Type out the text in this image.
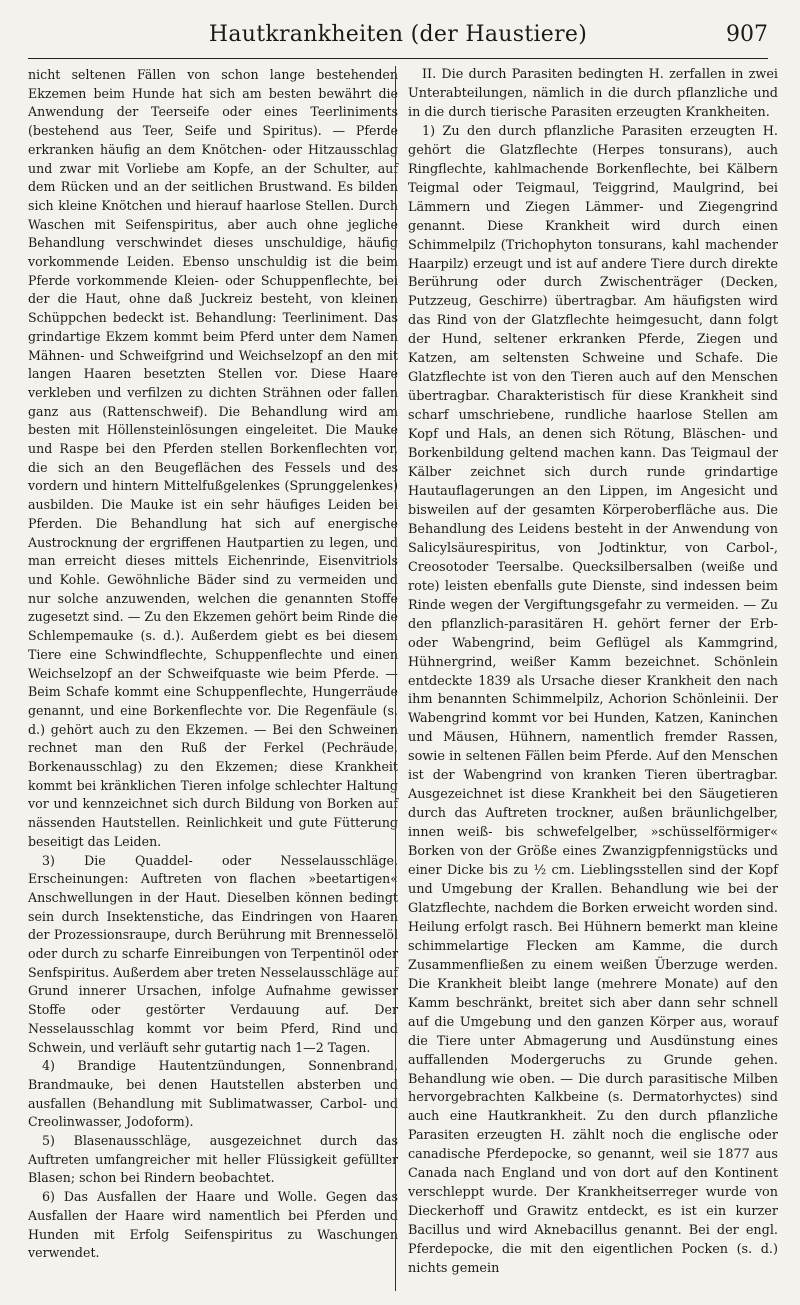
Hautkrankheiten (der Haustiere)	907

nicht seltenen Fällen von schon lange bestehenden Ekzemen beim Hunde hat sich am besten bewährt die Anwendung der Teerseife oder eines Teerliniments (bestehend aus Teer, Seife und Spiritus). — Pferde erkranken häufig an dem Knötchen- oder Hitzausschlag und zwar mit Vorliebe am Kopfe, an der Schulter, auf dem Rücken und an der seitlichen Brustwand. Es bilden sich kleine Knötchen und hierauf haarlose Stellen. Durch Waschen mit Seifenspiritus, aber auch ohne jegliche Behandlung verschwindet dieses unschuldige, häufig vorkommende Leiden. Ebenso unschuldig ist die beim Pferde vorkommende Kleien- oder Schuppenflechte, bei der die Haut, ohne daß Juckreiz besteht, von kleinen Schüppchen bedeckt ist. Behandlung: Teerliniment. Das grindartige Ekzem kommt beim Pferd unter dem Namen Mähnen- und Schweifgrind und Weichselzopf an den mit langen Haaren besetzten Stellen vor. Diese Haare verkleben und verfilzen zu dichten Strähnen oder fallen ganz aus (Rattenschweif). Die Behandlung wird am besten mit Höllensteinlösungen eingeleitet. Die Mauke und Raspe bei den Pferden stellen Borkenflechten vor, die sich an den Beugeflächen des Fessels und des vordern und hintern Mittelfußgelenkes (Sprunggelenkes) ausbilden. Die Mauke ist ein sehr häufiges Leiden bei Pferden. Die Behandlung hat sich auf energische Austrocknung der ergriffenen Hautpartien zu legen, und man erreicht dieses mittels Eichenrinde, Eisenvitriols und Kohle. Gewöhnliche Bäder sind zu vermeiden und nur solche anzuwenden, welchen die genannten Stoffe zugesetzt sind. — Zu den Ekzemen gehört beim Rinde die Schlempemauke (s. d.). Außerdem giebt es bei diesem Tiere eine Schwindflechte, Schuppenflechte und einen Weichselzopf an der Schweifquaste wie beim Pferde. — Beim Schafe kommt eine Schuppenflechte, Hungerräude genannt, und eine Borkenflechte vor. Die Regenfäule (s. d.) gehört auch zu den Ekzemen. — Bei den Schweinen rechnet man den Ruß der Ferkel (Pechräude, Borkenausschlag) zu den Ekzemen; diese Krankheit kommt bei kränklichen Tieren infolge schlechter Haltung vor und kennzeichnet sich durch Bildung von Borken auf nässenden Hautstellen. Reinlichkeit und gute Fütterung beseitigt das Leiden.

3) Die Quaddel- oder Nesselausschläge. Erscheinungen: Auftreten von flachen »beetartigen« Anschwellungen in der Haut. Dieselben können bedingt sein durch Insektenstiche, das Eindringen von Haaren der Prozessionsraupe, durch Berührung mit Brennesselöl oder durch zu scharfe Einreibungen von Terpentinöl oder Senfspiritus. Außerdem aber treten Nesselausschläge auf Grund innerer Ursachen, infolge Aufnahme gewisser Stoffe oder gestörter Verdauung auf. Der Nesselausschlag kommt vor beim Pferd, Rind und Schwein, und verläuft sehr gutartig nach 1—2 Tagen.

4) Brandige Hautentzündungen, Sonnenbrand, Brandmauke, bei denen Hautstellen absterben und ausfallen (Behandlung mit Sublimatwasser, Carbol- und Creolinwasser, Jodoform).

5) Blasenausschläge, ausgezeichnet durch das Auftreten umfangreicher mit heller Flüssigkeit gefüllter Blasen; schon bei Rindern beobachtet.

6) Das Ausfallen der Haare und Wolle. Gegen das Ausfallen der Haare wird namentlich bei Pferden und Hunden mit Erfolg Seifenspiritus zu Waschungen verwendet.

II. Die durch Parasiten bedingten H. zerfallen in zwei Unterabteilungen, nämlich in die durch pflanzliche und in die durch tierische Parasiten erzeugten Krankheiten.

1) Zu den durch pflanzliche Parasiten erzeugten H. gehört die Glatzflechte (Herpes tonsurans), auch Ringflechte, kahlmachende Borkenflechte, bei Kälbern Teigmal oder Teigmaul, Teiggrind, Maulgrind, bei Lämmern und Ziegen Lämmer- und Ziegengrind genannt. Diese Krankheit wird durch einen Schimmelpilz (Trichophyton tonsurans, kahl machender Haarpilz) erzeugt und ist auf andere Tiere durch direkte Berührung oder durch Zwischenträger (Decken, Putzzeug, Geschirre) übertragbar. Am häufigsten wird das Rind von der Glatzflechte heimgesucht, dann folgt der Hund, seltener erkranken Pferde, Ziegen und Katzen, am seltensten Schweine und Schafe. Die Glatzflechte ist von den Tieren auch auf den Menschen übertragbar. Charakteristisch für diese Krankheit sind scharf umschriebene, rundliche haarlose Stellen am Kopf und Hals, an denen sich Rötung, Bläschen- und Borkenbildung geltend machen kann. Das Teigmaul der Kälber zeichnet sich durch runde grindartige Hautauflagerungen an den Lippen, im Angesicht und bisweilen auf der gesamten Körperoberfläche aus. Die Behandlung des Leidens besteht in der Anwendung von Salicylsäurespiritus, von Jodtinktur, von Carbol-, Creosotoder Teersalbe. Quecksilbersalben (weiße und rote) leisten ebenfalls gute Dienste, sind indessen beim Rinde wegen der Vergiftungsgefahr zu vermeiden. — Zu den pflanzlich-parasitären H. gehört ferner der Erb- oder Wabengrind, beim Geflügel als Kammgrind, Hühnergrind, weißer Kamm bezeichnet. Schönlein entdeckte 1839 als Ursache dieser Krankheit den nach ihm benannten Schimmelpilz, Achorion Schönleinii. Der Wabengrind kommt vor bei Hunden, Katzen, Kaninchen und Mäusen, Hühnern, namentlich fremder Rassen, sowie in seltenen Fällen beim Pferde. Auf den Menschen ist der Wabengrind von kranken Tieren übertragbar. Ausgezeichnet ist diese Krankheit bei den Säugetieren durch das Auftreten trockner, außen bräunlichgelber, innen weiß- bis schwefelgelber, »schüsselförmiger« Borken von der Größe eines Zwanzigpfennigstücks und einer Dicke bis zu ½ cm. Lieblingsstellen sind der Kopf und Umgebung der Krallen. Behandlung wie bei der Glatzflechte, nachdem die Borken erweicht worden sind. Heilung erfolgt rasch. Bei Hühnern bemerkt man kleine schimmelartige Flecken am Kamme, die durch Zusammenfließen zu einem weißen Überzuge werden. Die Krankheit bleibt lange (mehrere Monate) auf den Kamm beschränkt, breitet sich aber dann sehr schnell auf die Umgebung und den ganzen Körper aus, worauf die Tiere unter Abmagerung und Ausdünstung eines auffallenden Modergeruchs zu Grunde gehen. Behandlung wie oben. — Die durch parasitische Milben hervorgebrachten Kalkbeine (s. Dermatorhyctes) sind auch eine Hautkrankheit. Zu den durch pflanzliche Parasiten erzeugten H. zählt noch die englische oder canadische Pferdepocke, so genannt, weil sie 1877 aus Canada nach England und von dort auf den Kontinent verschleppt wurde. Der Krankheitserreger wurde von Dieckerhoff und Grawitz entdeckt, es ist ein kurzer Bacillus und wird Aknebacillus genannt. Bei der engl. Pferdepocke, die mit den eigentlichen Pocken (s. d.) nichts gemein
